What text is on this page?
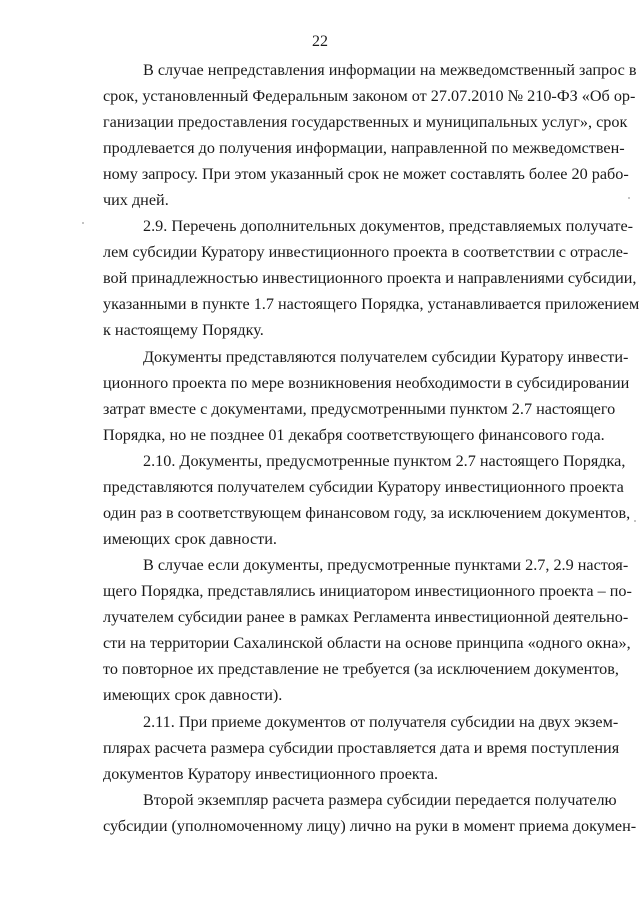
22
В случае непредставления информации на межведомственный запрос в
срок, установленный Федеральным законом от 27.07.2010 № 210-ФЗ «Об ор-
ганизации предоставления государственных и муниципальных услуг», срок
продлевается до получения информации, направленной по межведомствен-
ному запросу. При этом указанный срок не может составлять более 20 рабо-
чих дней.
2.9. Перечень дополнительных документов, представляемых получате-
лем субсидии Куратору инвестиционного проекта в соответствии с отрасле-
вой принадлежностью инвестиционного проекта и направлениями субсидии,
указанными в пункте 1.7 настоящего Порядка, устанавливается приложением
к настоящему Порядку.
Документы представляются получателем субсидии Куратору инвести-
ционного проекта по мере возникновения необходимости в субсидировании
затрат вместе с документами, предусмотренными пунктом 2.7 настоящего
Порядка, но не позднее 01 декабря соответствующего финансового года.
2.10. Документы, предусмотренные пунктом 2.7 настоящего Порядка,
представляются получателем субсидии Куратору инвестиционного проекта
один раз в соответствующем финансовом году, за исключением документов,
имеющих срок давности.
В случае если документы, предусмотренные пунктами 2.7, 2.9 настоя-
щего Порядка, представлялись инициатором инвестиционного проекта – по-
лучателем субсидии ранее в рамках Регламента инвестиционной деятельно-
сти на территории Сахалинской области на основе принципа «одного окна»,
то повторное их представление не требуется (за исключением документов,
имеющих срок давности).
2.11. При приеме документов от получателя субсидии на двух экзем-
плярах расчета размера субсидии проставляется дата и время поступления
документов Куратору инвестиционного проекта.
Второй экземпляр расчета размера субсидии передается получателю
субсидии (уполномоченному лицу) лично на руки в момент приема докумен-
